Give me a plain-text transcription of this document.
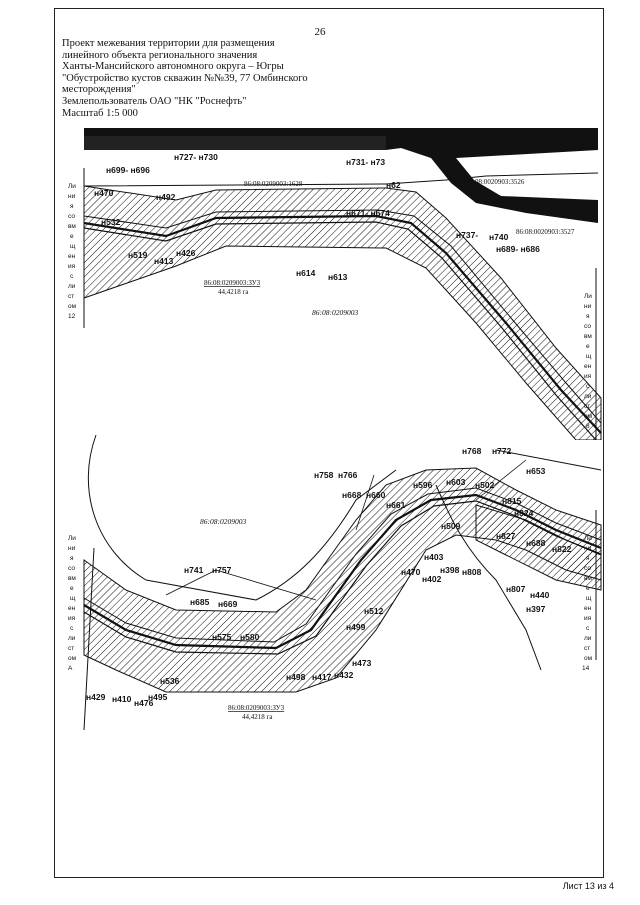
26
Проект межевания территории для размещения
линейного объекта регионального значения
Ханты-Мансийского автономного округа – Югры
"Обустройство кустов скважин №№39, 77 Омбинского
месторождения"
Землепользователь ОАО "НК "Роснефть"
Масштаб 1:5 000
н727- н730
н699- н696
н731- н73
н470	н492
н62
н671- н674
н532
н426
н519
н413
н614 н613
н737- н740
н689- н686
86:08:0209003:1628	86:08:0020903:3526
86:08:0020903:3527
86:08:0209003:ЗУ3
44,4218 га
86:08:0209003
Ли
ни
я
со
вм
е
щ
ен
ия
с
ли
ст
ом
12
Ли
ни
я
со
вм
е
щ
ен
ия
с
ли
ст
ом
8
н768 н772
н653
н758 н766
н596 н603 н502
н668 н660
н815
н661
н509
н824
н827
н688
н822
н403
н470
н402
н398 н808
н807
н440
н397
н741 н757
н685 н669
н512
н499
н575 н580
н473
н498 н417 н432
н536
н429 н410 н476
н495
86:08:0209003
86:08:0209003:ЗУ3
44,4218 га
Ли
ни
я
со
вм
е
щ
ен
ия
с
ли
ст
ом
А
Ли
ни
я
со
вм
е
щ
ен
ия
с
ли
ст
ом
14
Лист 13 из 4
